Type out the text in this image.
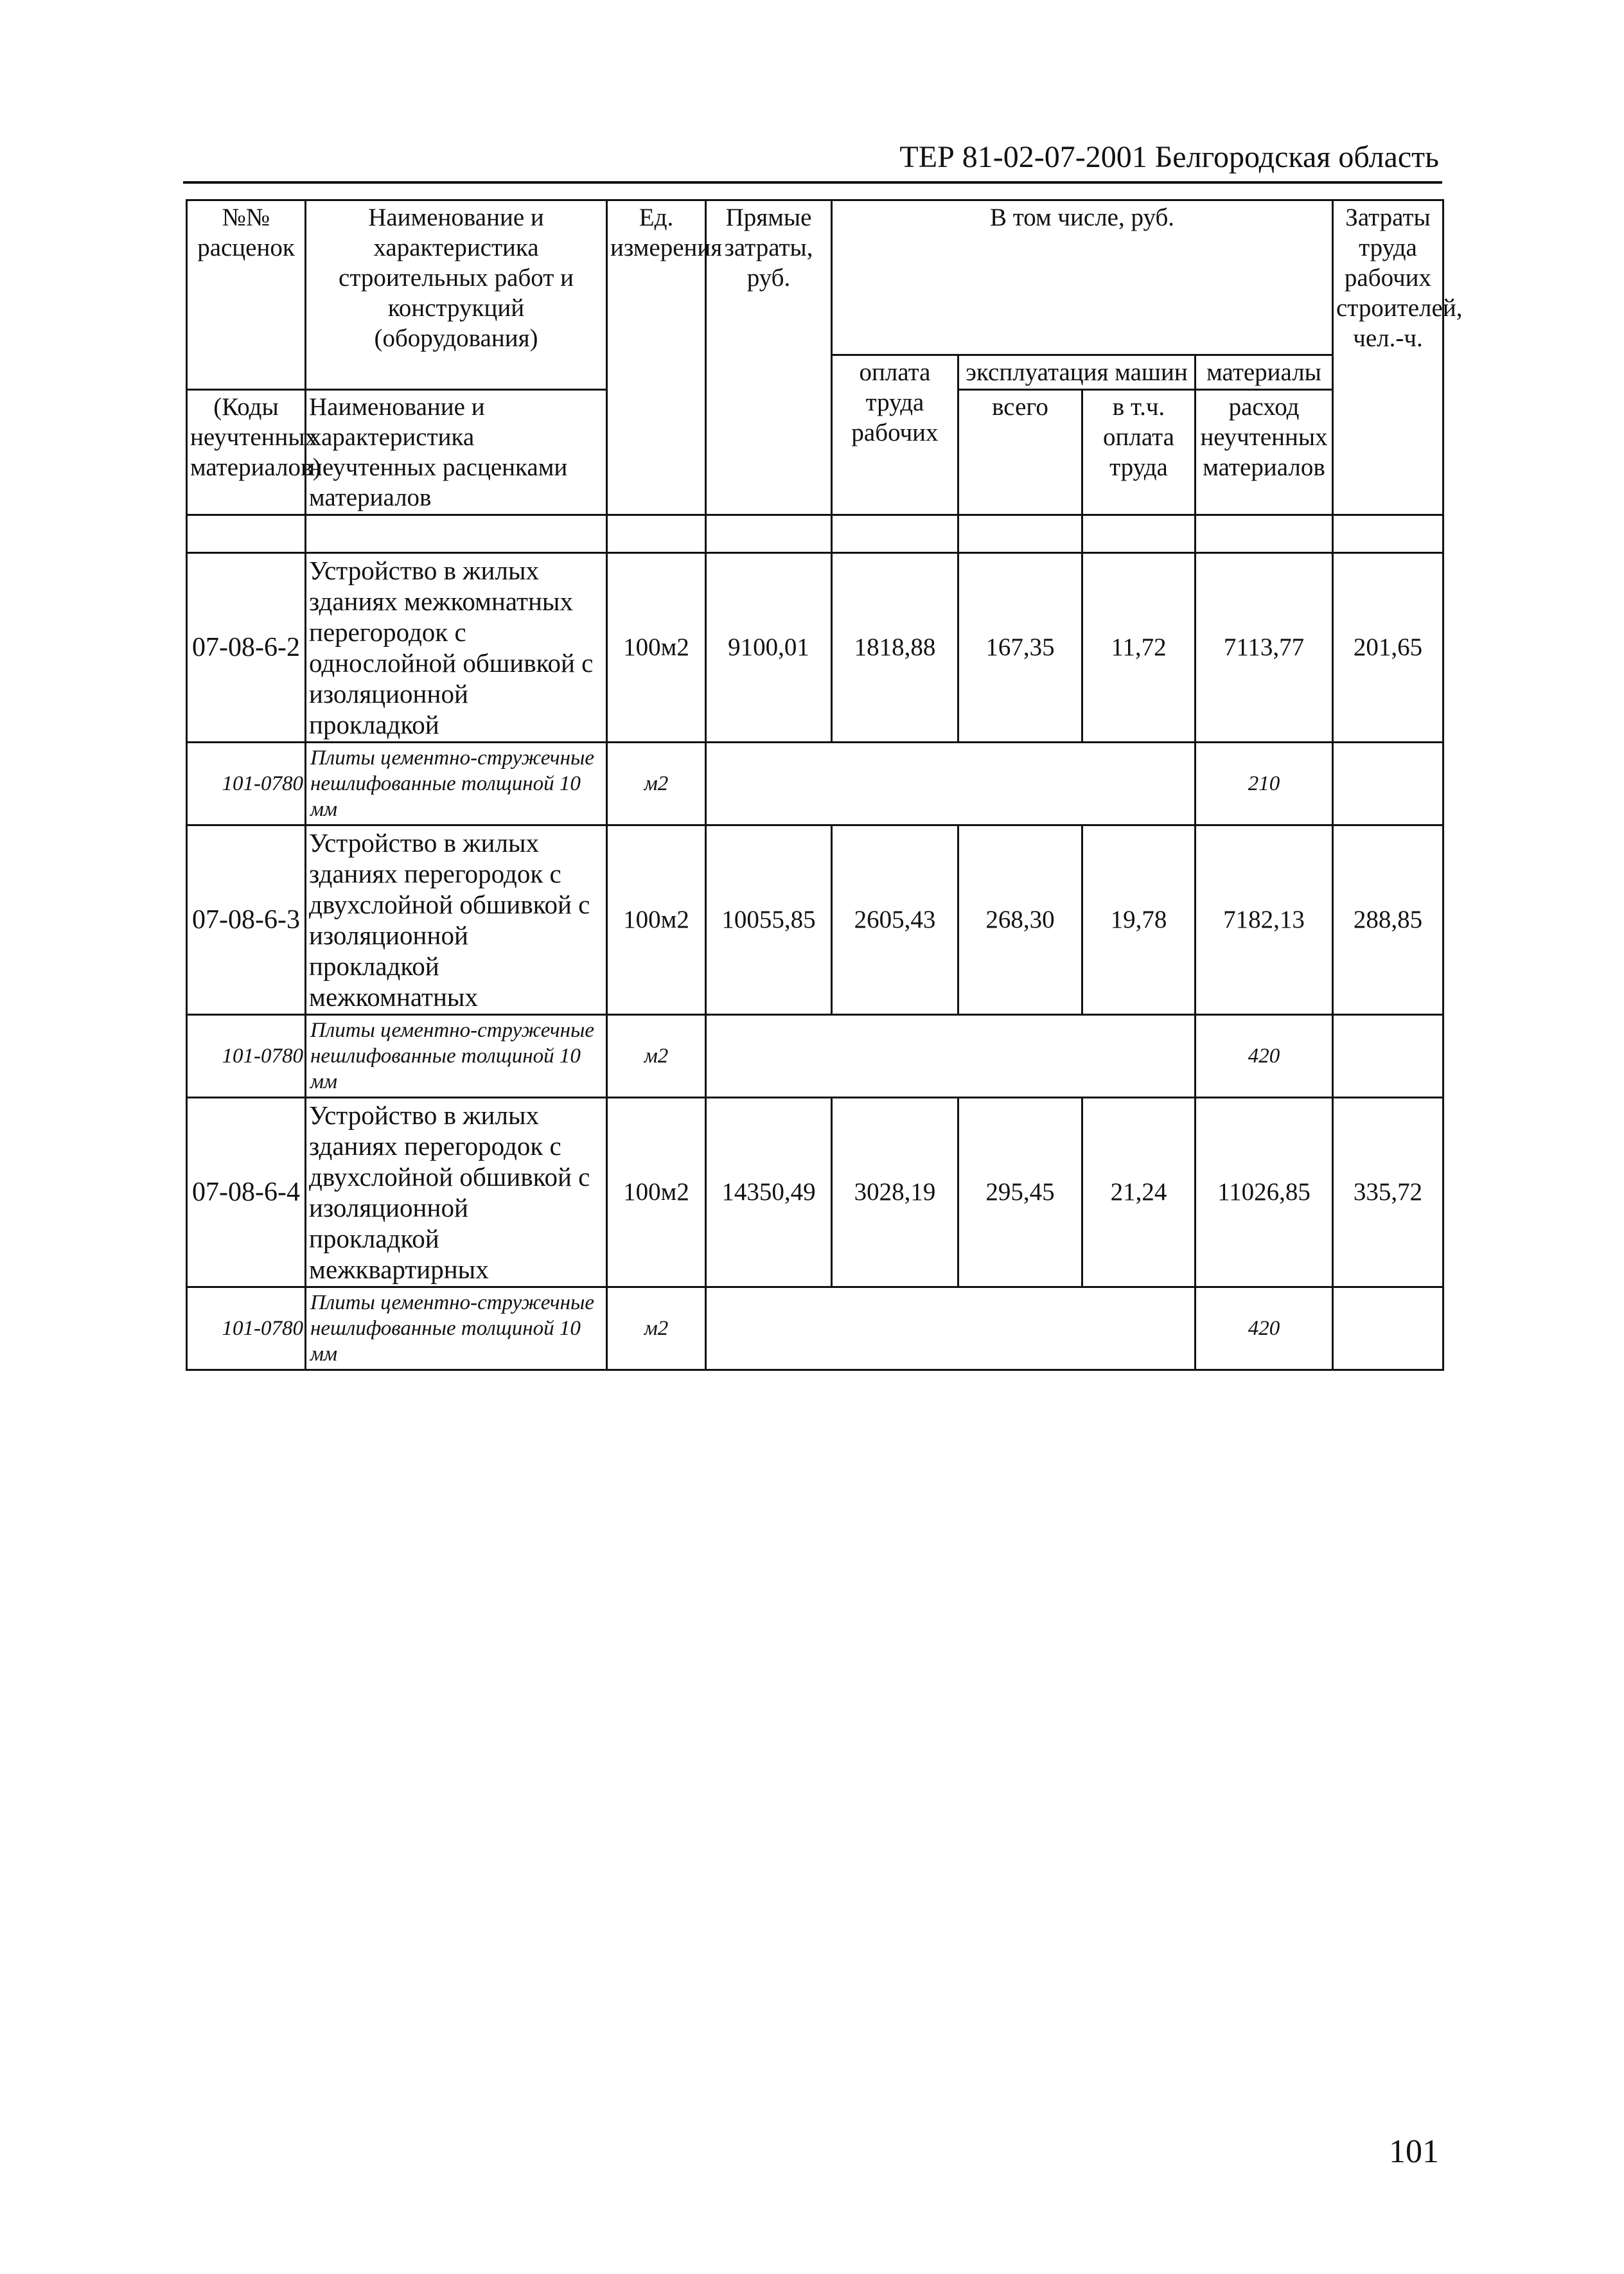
ТЕР 81-02-07-2001 Белгородская область
№№ расценок	Наименование и характеристика строительных работ и конструкций (оборудования)	Ед. измерения	Прямые затраты, руб.	В том числе, руб.				Затраты труда рабочих строителей, чел.-ч.
				оплата труда рабочих	эксплуатация машин		материалы	
(Коды неучтенных материалов)	Наименование и характеристика неучтенных расценками материалов				всего	в т.ч. оплата труда	расход неучтенных материалов	

07-08-6-2	Устройство в жилых зданиях межкомнатных перегородок с однослойной обшивкой с изоляционной прокладкой	100м2	9100,01	1818,88	167,35	11,72	7113,77	201,65
101-0780	Плиты цементно-стружечные нешлифованные толщиной 10 мм	м2					210	
07-08-6-3	Устройство в жилых зданиях перегородок с двухслойной обшивкой с изоляционной прокладкой межкомнатных	100м2	10055,85	2605,43	268,30	19,78	7182,13	288,85
101-0780	Плиты цементно-стружечные нешлифованные толщиной 10 мм	м2					420	
07-08-6-4	Устройство в жилых зданиях перегородок с двухслойной обшивкой с изоляционной прокладкой межквартирных	100м2	14350,49	3028,19	295,45	21,24	11026,85	335,72
101-0780	Плиты цементно-стружечные нешлифованные толщиной 10 мм	м2					420	
101
